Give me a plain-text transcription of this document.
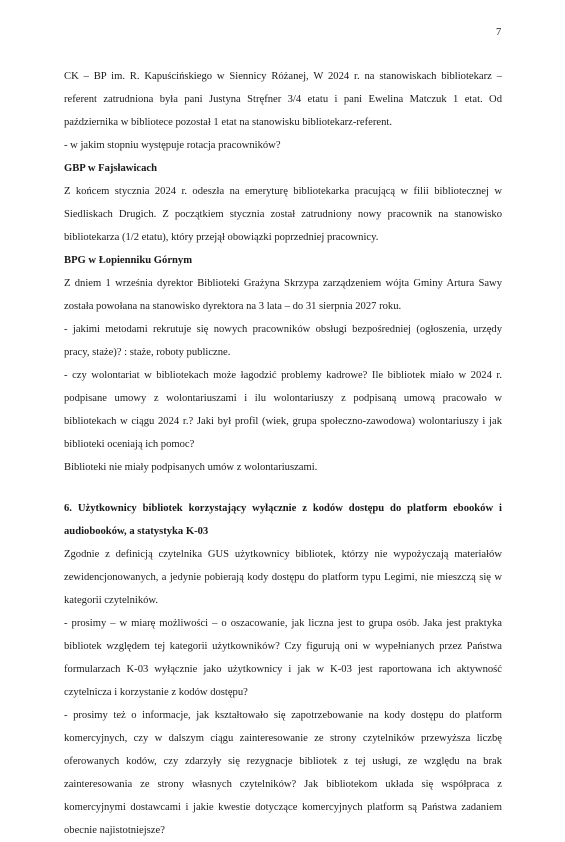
7

CK – BP im. R. Kapuścińskiego w Siennicy Różanej, W 2024 r. na stanowiskach bibliotekarz – referent zatrudniona była pani Justyna Stręfner 3/4 etatu i pani Ewelina Matczuk 1 etat. Od października w bibliotece pozostał 1 etat na stanowisku bibliotekarz-referent.

- w jakim stopniu występuje rotacja pracowników?

GBP w Fajsławicach

Z końcem stycznia 2024 r. odeszła na emeryturę bibliotekarka pracującą w filii bibliotecznej w Siedliskach Drugich. Z początkiem stycznia został zatrudniony nowy pracownik na stanowisko bibliotekarza (1/2 etatu), który przejął obowiązki poprzedniej pracownicy.

BPG w Łopienniku Górnym

Z dniem 1 września dyrektor Biblioteki Grażyna Skrzypa zarządzeniem wójta Gminy Artura Sawy została powołana na stanowisko dyrektora na 3 lata – do 31 sierpnia 2027 roku.

- jakimi metodami rekrutuje się nowych pracowników obsługi bezpośredniej (ogłoszenia, urzędy pracy, staże)? : staże, roboty publiczne.

- czy wolontariat w bibliotekach może łagodzić problemy kadrowe? Ile bibliotek miało w 2024 r. podpisane umowy z wolontariuszami i ilu wolontariuszy z podpisaną umową pracowało w bibliotekach w ciągu 2024 r.? Jaki był profil (wiek, grupa społeczno-zawodowa) wolontariuszy i jak biblioteki oceniają ich pomoc?

Biblioteki nie miały podpisanych umów z wolontariuszami.

6. Użytkownicy bibliotek korzystający wyłącznie z kodów dostępu do platform ebooków i audiobooków, a statystyka K-03

Zgodnie z definicją czytelnika GUS użytkownicy bibliotek, którzy nie wypożyczają materiałów zewidencjonowanych, a jedynie pobierają kody dostępu do platform typu Legimi, nie mieszczą się w kategorii czytelników.

- prosimy – w miarę możliwości – o oszacowanie, jak liczna jest to grupa osób. Jaka jest praktyka bibliotek względem tej kategorii użytkowników? Czy figurują oni w wypełnianych przez Państwa formularzach K-03 wyłącznie jako użytkownicy i jak w K-03 jest raportowana ich aktywność czytelnicza i korzystanie z kodów dostępu?

- prosimy też o informacje, jak kształtowało się zapotrzebowanie na kody dostępu do platform komercyjnych, czy w dalszym ciągu zainteresowanie ze strony czytelników przewyższa liczbę oferowanych kodów, czy zdarzyły się rezygnacje bibliotek z tej usługi, ze względu na brak zainteresowania ze strony własnych czytelników? Jak bibliotekom układa się współpraca z komercyjnymi dostawcami i jakie kwestie dotyczące komercyjnych platform są Państwa zadaniem obecnie najistotniejsze?
